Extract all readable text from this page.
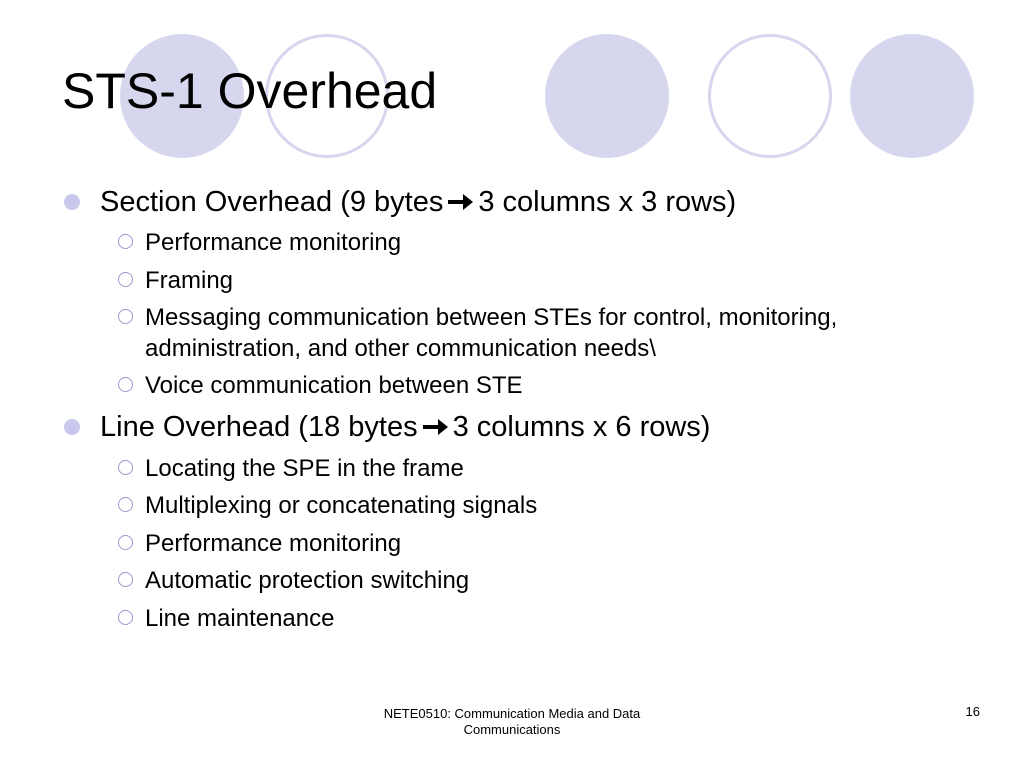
STS-1 Overhead
Section Overhead (9 bytes 3 columns x 3 rows)
Performance monitoring
Framing
Messaging communication between STEs for control, monitoring, administration, and other communication needs\
Voice communication between STE
Line Overhead (18 bytes 3 columns x 6 rows)
Locating the SPE in the frame
Multiplexing or concatenating signals
Performance monitoring
Automatic protection switching
Line maintenance
NETE0510: Communication Media and Data Communications
16
